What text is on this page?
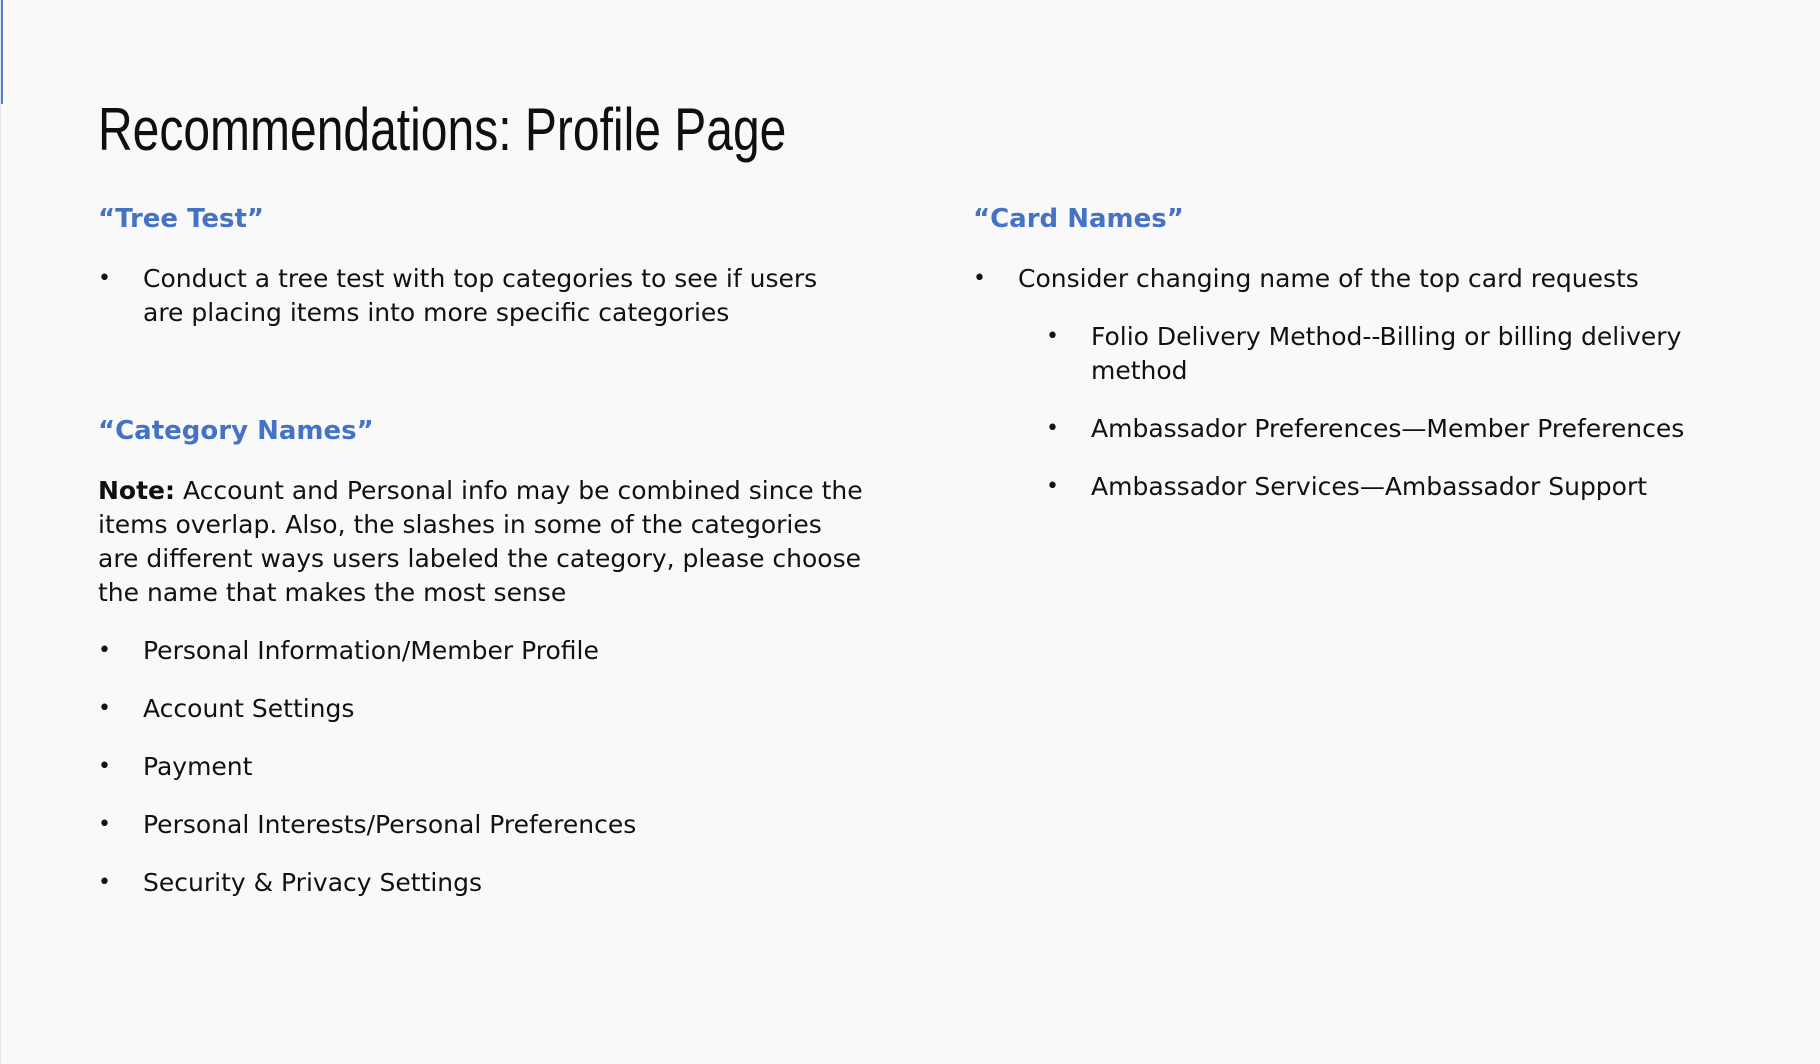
Recommendations: Profile Page
“Tree Test”
• Conduct a tree test with top categories to see if users are placing items into more specific categories
“Category Names”

Note: Account and Personal info may be combined since the items overlap. Also, the slashes in some of the categories are different ways users labeled the category, please choose the name that makes the most sense

• Personal Information/Member Profile
• Account Settings
• Payment
• Personal Interests/Personal Preferences
• Security & Privacy Settings
“Card Names”
• Consider changing name of the top card requests
• Folio Delivery Method--Billing or billing delivery method
• Ambassador Preferences—Member Preferences
• Ambassador Services—Ambassador Support
